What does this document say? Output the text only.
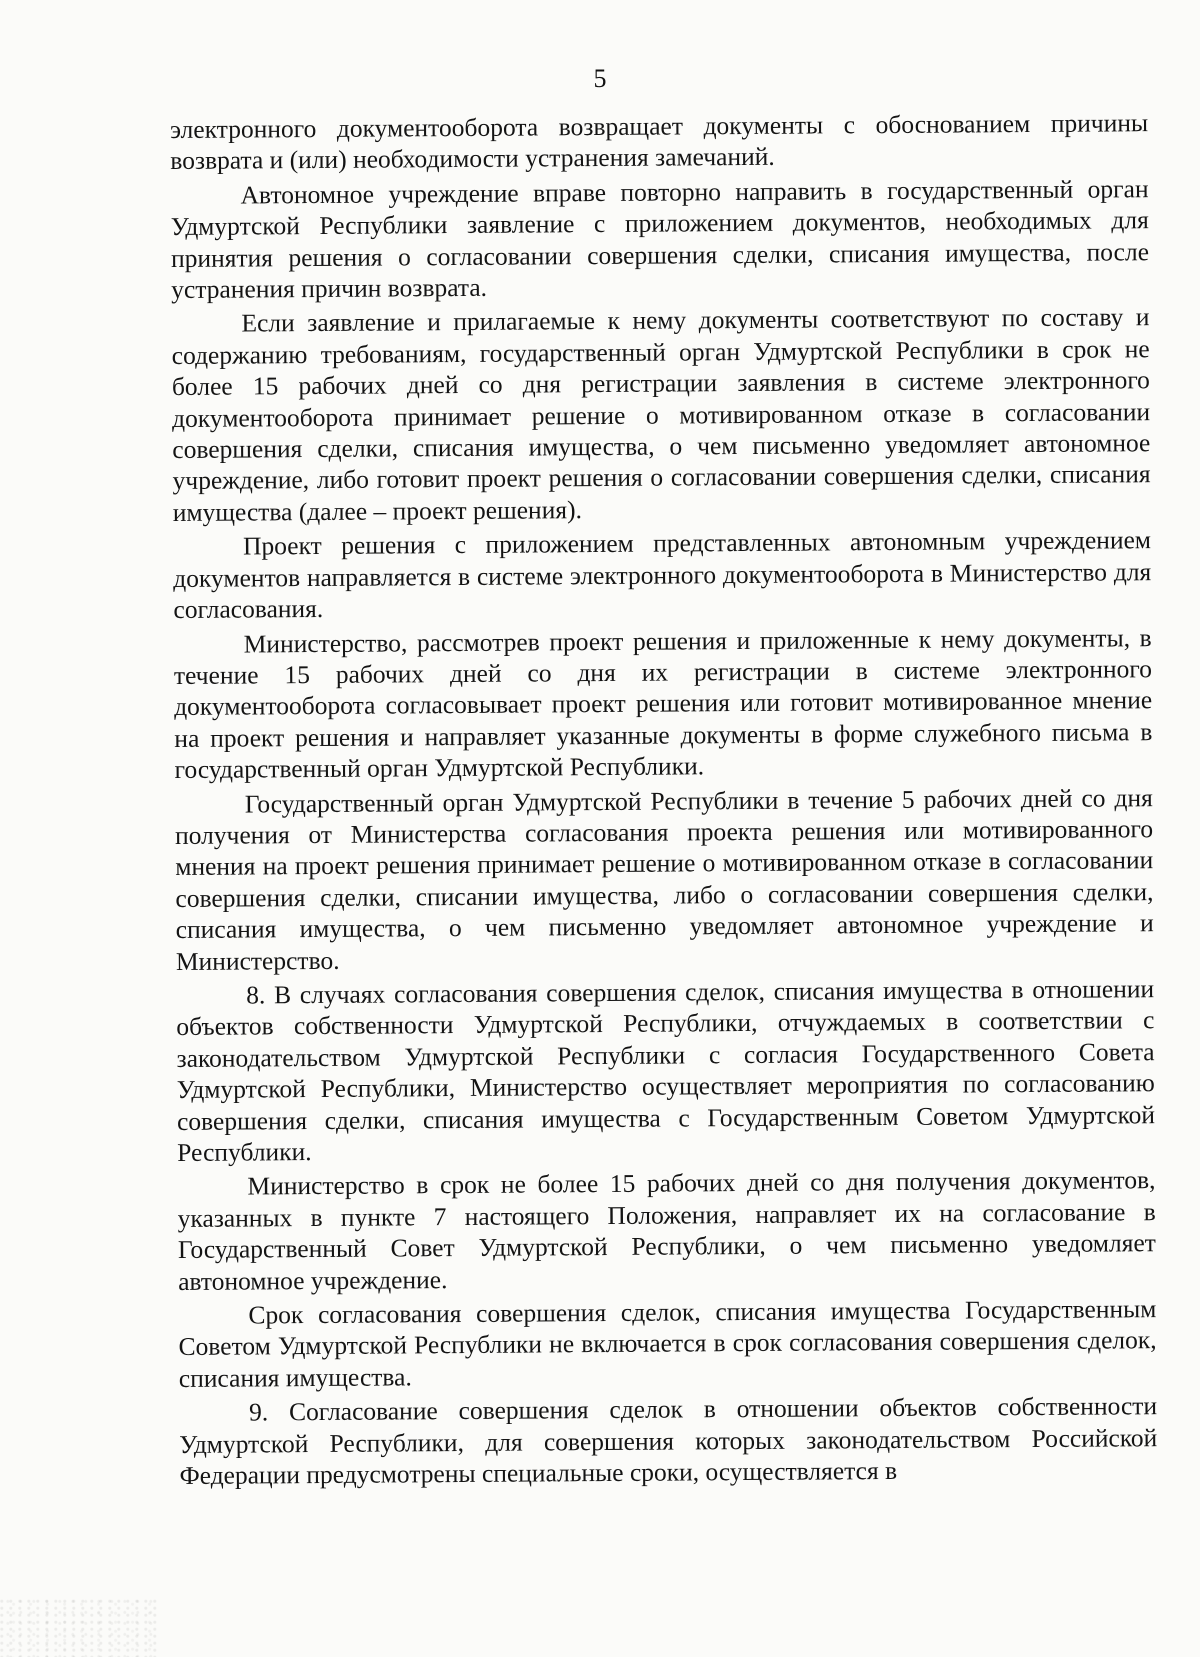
5

электронного документооборота возвращает документы с обоснованием причины возврата и (или) необходимости устранения замечаний.

Автономное учреждение вправе повторно направить в государственный орган Удмуртской Республики заявление с приложением документов, необходимых для принятия решения о согласовании совершения сделки, списания имущества, после устранения причин возврата.

Если заявление и прилагаемые к нему документы соответствуют по составу и содержанию требованиям, государственный орган Удмуртской Республики в срок не более 15 рабочих дней со дня регистрации заявления в системе электронного документооборота принимает решение о мотивированном отказе в согласовании совершения сделки, списания имущества, о чем письменно уведомляет автономное учреждение, либо готовит проект решения о согласовании совершения сделки, списания имущества (далее – проект решения).

Проект решения с приложением представленных автономным учреждением документов направляется в системе электронного документооборота в Министерство для согласования.

Министерство, рассмотрев проект решения и приложенные к нему документы, в течение 15 рабочих дней со дня их регистрации в системе электронного документооборота согласовывает проект решения или готовит мотивированное мнение на проект решения и направляет указанные документы в форме служебного письма в государственный орган Удмуртской Республики.

Государственный орган Удмуртской Республики в течение 5 рабочих дней со дня получения от Министерства согласования проекта решения или мотивированного мнения на проект решения принимает решение о мотивированном отказе в согласовании совершения сделки, списании имущества, либо о согласовании совершения сделки, списания имущества, о чем письменно уведомляет автономное учреждение и Министерство.

8. В случаях согласования совершения сделок, списания имущества в отношении объектов собственности Удмуртской Республики, отчуждаемых в соответствии с законодательством Удмуртской Республики с согласия Государственного Совета Удмуртской Республики, Министерство осуществляет мероприятия по согласованию совершения сделки, списания имущества с Государственным Советом Удмуртской Республики.

Министерство в срок не более 15 рабочих дней со дня получения документов, указанных в пункте 7 настоящего Положения, направляет их на согласование в Государственный Совет Удмуртской Республики, о чем письменно уведомляет автономное учреждение.

Срок согласования совершения сделок, списания имущества Государственным Советом Удмуртской Республики не включается в срок согласования совершения сделок, списания имущества.

9. Согласование совершения сделок в отношении объектов собственности Удмуртской Республики, для совершения которых законодательством Российской Федерации предусмотрены специальные сроки, осуществляется в
